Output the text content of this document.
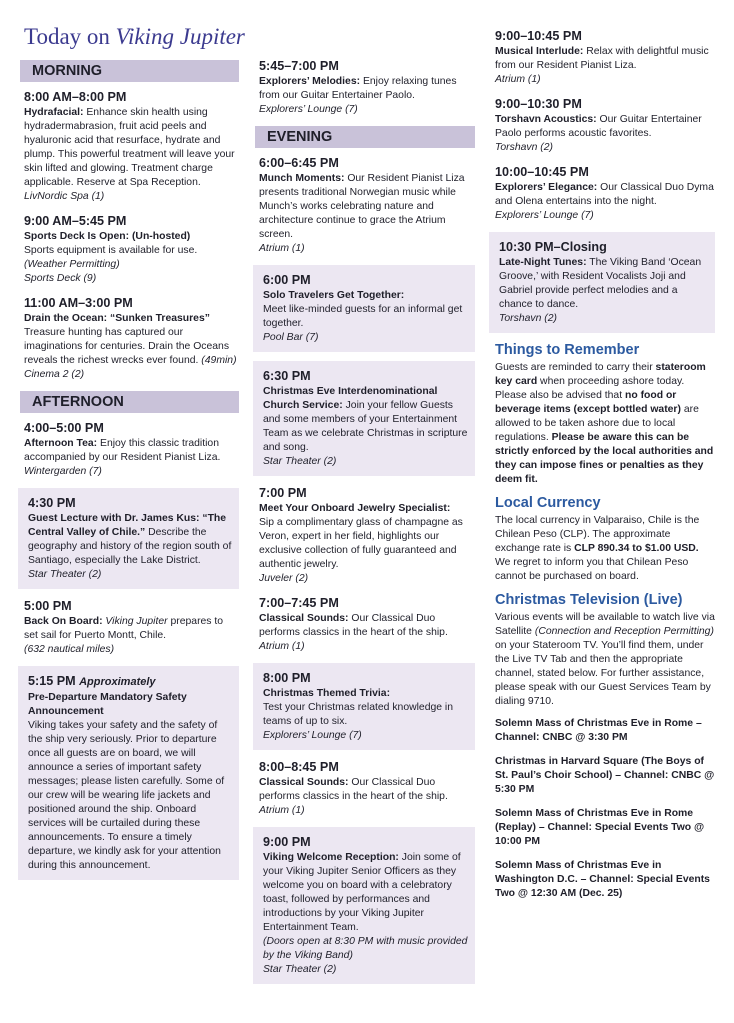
Today on Viking Jupiter
MORNING
8:00 AM–8:00 PM
Hydrafacial: Enhance skin health using hydradermabrasion, fruit acid peels and hyaluronic acid that resurface, hydrate and plump. This powerful treatment will leave your skin lifted and glowing. Treatment charge applicable. Reserve at Spa Reception.
LivNordic Spa (1)
9:00 AM–5:45 PM
Sports Deck Is Open: (Un-hosted)
Sports equipment is available for use.
(Weather Permitting)
Sports Deck (9)
11:00 AM–3:00 PM
Drain the Ocean: “Sunken Treasures”
Treasure hunting has captured our imaginations for centuries. Drain the Oceans reveals the richest wrecks ever found. (49min)
Cinema 2 (2)
AFTERNOON
4:00–5:00 PM
Afternoon Tea: Enjoy this classic tradition accompanied by our Resident Pianist Liza.
Wintergarden (7)
4:30 PM
Guest Lecture with Dr. James Kus: “The Central Valley of Chile.” Describe the geography and history of the region south of Santiago, especially the Lake District.
Star Theater (2)
5:00 PM
Back On Board: Viking Jupiter prepares to set sail for Puerto Montt, Chile.
(632 nautical miles)
5:15 PM Approximately
Pre-Departure Mandatory Safety Announcement
Viking takes your safety and the safety of the ship very seriously. Prior to departure once all guests are on board, we will announce a series of important safety messages; please listen carefully. Some of our crew will be wearing life jackets and positioned around the ship. Onboard services will be curtailed during these announcements. To ensure a timely departure, we kindly ask for your attention during this announcement.
5:45–7:00 PM
Explorers’ Melodies: Enjoy relaxing tunes from our Guitar Entertainer Paolo.
Explorers’ Lounge (7)
EVENING
6:00–6:45 PM
Munch Moments: Our Resident Pianist Liza presents traditional Norwegian music while Munch’s works celebrating nature and architecture continue to grace the Atrium screen.
Atrium (1)
6:00 PM
Solo Travelers Get Together:
Meet like-minded guests for an informal get together.
Pool Bar (7)
6:30 PM
Christmas Eve Interdenominational Church Service: Join your fellow Guests and some members of your Entertainment Team as we celebrate Christmas in scripture and song.
Star Theater (2)
7:00 PM
Meet Your Onboard Jewelry Specialist:
Sip a complimentary glass of champagne as Veron, expert in her field, highlights our exclusive collection of fully guaranteed and authentic jewelry.
Juveler (2)
7:00–7:45 PM
Classical Sounds: Our Classical Duo performs classics in the heart of the ship.
Atrium (1)
8:00 PM
Christmas Themed Trivia:
Test your Christmas related knowledge in teams of up to six.
Explorers’ Lounge (7)
8:00–8:45 PM
Classical Sounds: Our Classical Duo performs classics in the heart of the ship.
Atrium (1)
9:00 PM
Viking Welcome Reception: Join some of your Viking Jupiter Senior Officers as they welcome you on board with a celebratory toast, followed by performances and introductions by your Viking Jupiter Entertainment Team.
(Doors open at 8:30 PM with music provided by the Viking Band)
Star Theater (2)
9:00–10:45 PM
Musical Interlude: Relax with delightful music from our Resident Pianist Liza.
Atrium (1)
9:00–10:30 PM
Torshavn Acoustics: Our Guitar Entertainer Paolo performs acoustic favorites.
Torshavn (2)
10:00–10:45 PM
Explorers’ Elegance: Our Classical Duo Dyma and Olena entertains into the night.
Explorers’ Lounge (7)
10:30 PM–Closing
Late-Night Tunes: The Viking Band ‘Ocean Groove,’ with Resident Vocalists Joji and Gabriel provide perfect melodies and a chance to dance.
Torshavn (2)
Things to Remember
Guests are reminded to carry their stateroom key card when proceeding ashore today. Please also be advised that no food or beverage items (except bottled water) are allowed to be taken ashore due to local regulations. Please be aware this can be strictly enforced by the local authorities and they can impose fines or penalties as they deem fit.
Local Currency
The local currency in Valparaiso, Chile is the Chilean Peso (CLP). The approximate exchange rate is CLP 890.34 to $1.00 USD. We regret to inform you that Chilean Peso cannot be purchased on board.
Christmas Television (Live)
Various events will be available to watch live via Satellite (Connection and Reception Permitting) on your Stateroom TV. You’ll find them, under the Live TV Tab and then the appropriate channel, stated below. For further assistance, please speak with our Guest Services Team by dialing 9710.
Solemn Mass of Christmas Eve in Rome – Channel: CNBC @ 3:30 PM
Christmas in Harvard Square (The Boys of St. Paul’s Choir School) – Channel: CNBC @ 5:30 PM
Solemn Mass of Christmas Eve in Rome (Replay) – Channel: Special Events Two @ 10:00 PM
Solemn Mass of Christmas Eve in Washington D.C. – Channel: Special Events Two @ 12:30 AM (Dec. 25)
